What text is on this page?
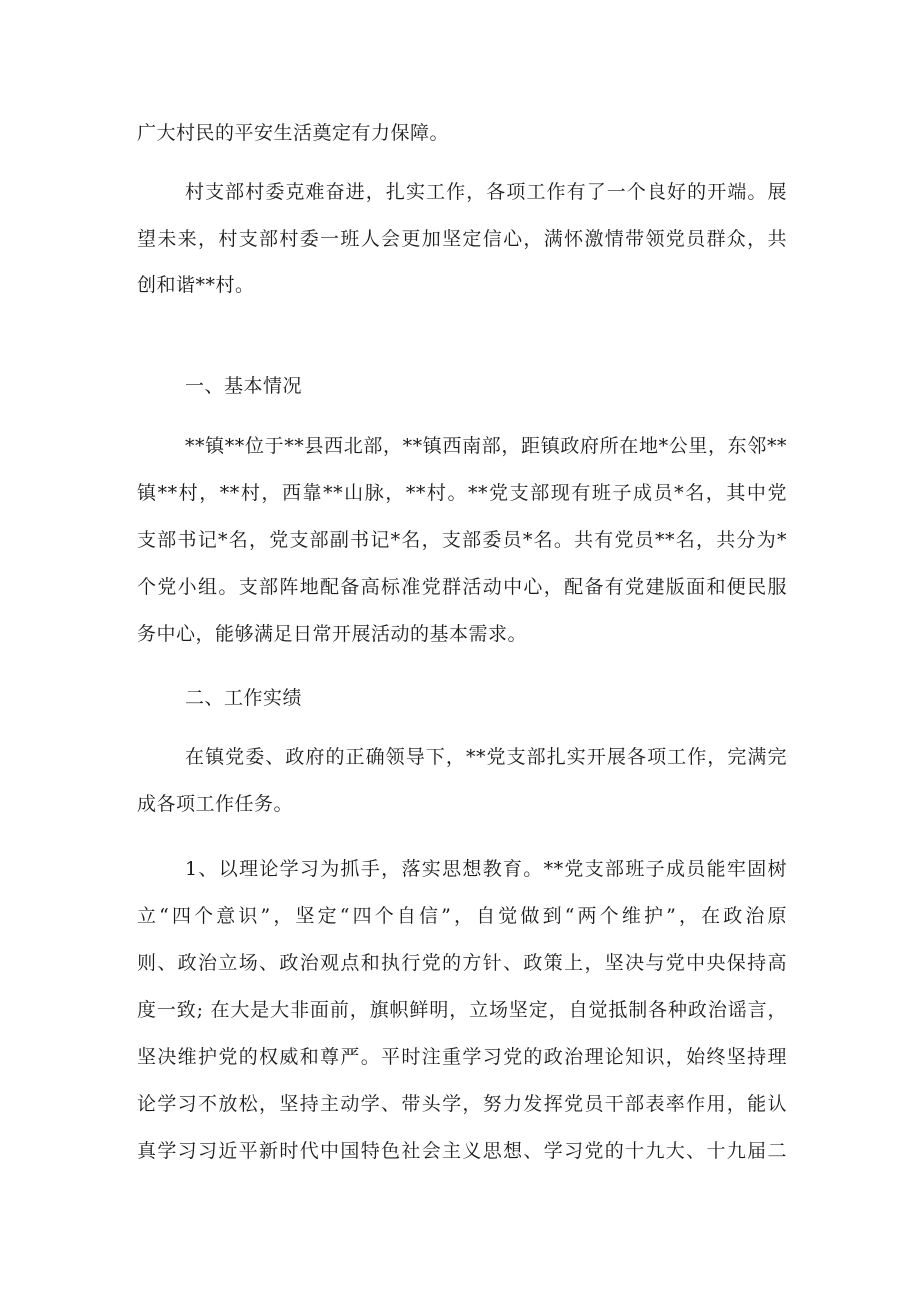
广大村民的平安生活奠定有力保障。
村支部村委克难奋进，扎实工作，各项工作有了一个良好的开端。展
望未来，村支部村委一班人会更加坚定信心，满怀激情带领党员群众，共
创和谐**村。
一、基本情况
**镇**位于**县西北部，**镇西南部，距镇政府所在地*公里，东邻**
镇**村，**村，西靠**山脉，**村。**党支部现有班子成员*名，其中党
支部书记*名，党支部副书记*名，支部委员*名。共有党员**名，共分为*
个党小组。支部阵地配备高标准党群活动中心，配备有党建版面和便民服
务中心，能够满足日常开展活动的基本需求。
二、工作实绩
在镇党委、政府的正确领导下，**党支部扎实开展各项工作，完满完
成各项工作任务。
1、以理论学习为抓手，落实思想教育。**党支部班子成员能牢固树
立“四个意识”，坚定“四个自信”，自觉做到“两个维护”，在政治原
则、政治立场、政治观点和执行党的方针、政策上，坚决与党中央保持高
度一致; 在大是大非面前，旗帜鲜明，立场坚定，自觉抵制各种政治谣言，
坚决维护党的权威和尊严。平时注重学习党的政治理论知识，始终坚持理
论学习不放松，坚持主动学、带头学，努力发挥党员干部表率作用，能认
真学习习近平新时代中国特色社会主义思想、学习党的十九大、十九届二
